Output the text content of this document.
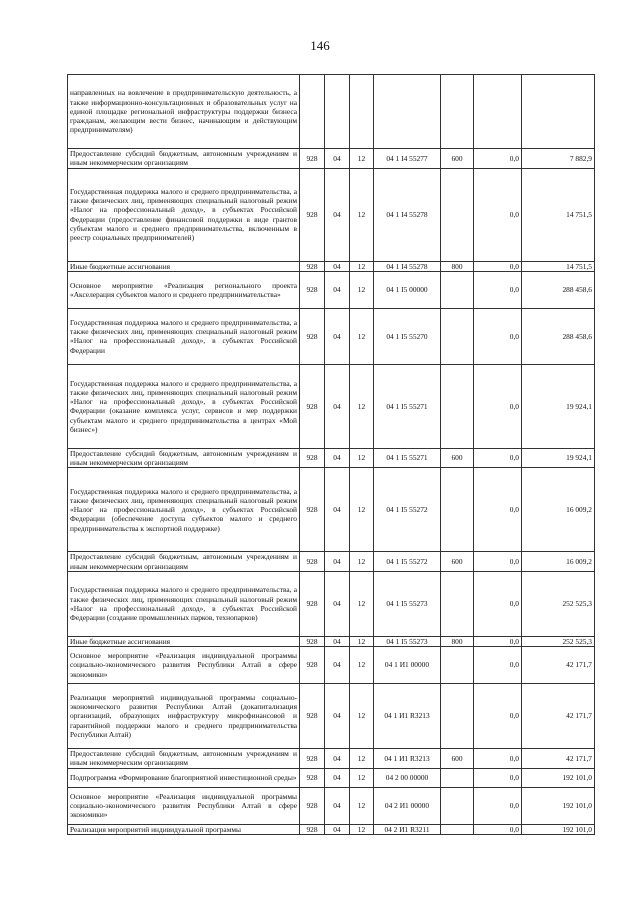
146
направленных на вовлечение в предпринимательскую деятельность, а также информационно-консультационных и образовательных услуг на единой площадке региональной инфраструктуры поддержки бизнеса гражданам, желающим вести бизнес, начинающим и действующим предпринимателям)							
Предоставление субсидий бюджетным, автономным учреждениям и иным некоммерческим организациям	928	04	12	04 1 I4 55277	600	0,0	7 882,9
Государственная поддержка малого и среднего предпринимательства, а также физических лиц, применяющих специальный налоговый режим «Налог на профессиональный доход», в субъектах Российской Федерации (предоставление финансовой поддержки в виде грантов субъектам малого и среднего предпринимательства, включенным в реестр социальных предпринимателей)	928	04	12	04 1 I4 55278		0,0	14 751,5
Иные бюджетные ассигнования	928	04	12	04 1 I4 55278	800	0,0	14 751,5
Основное мероприятие «Реализация регионального проекта «Акселерация субъектов малого и среднего предпринимательства»	928	04	12	04 1 I5 00000		0,0	288 458,6
Государственная поддержка малого и среднего предпринимательства, а также физических лиц, применяющих специальный налоговый режим «Налог на профессиональный доход», в субъектах Российской Федерации	928	04	12	04 1 I5 55270		0,0	288 458,6
Государственная поддержка малого и среднего предпринимательства, а также физических лиц, применяющих специальный налоговый режим «Налог на профессиональный доход», в субъектах Российской Федерации (оказание комплекса услуг, сервисов и мер поддержки субъектам малого и среднего предпринимательства в центрах «Мой бизнес»)	928	04	12	04 1 I5 55271		0,0	19 924,1
Предоставление субсидий бюджетным, автономным учреждениям и иным некоммерческим организациям	928	04	12	04 1 I5 55271	600	0,0	19 924,1
Государственная поддержка малого и среднего предпринимательства, а также физических лиц, применяющих специальный налоговый режим «Налог на профессиональный доход», в субъектах Российской Федерации (обеспечение доступа субъектов малого и среднего предпринимательства к экспортной поддержке)	928	04	12	04 1 I5 55272		0,0	16 009,2
Предоставление субсидий бюджетным, автономным учреждениям и иным некоммерческим организациям	928	04	12	04 1 I5 55272	600	0,0	16 009,2
Государственная поддержка малого и среднего предпринимательства, а также физических лиц, применяющих специальный налоговый режим «Налог на профессиональный доход», в субъектах Российской Федерации (создание промышленных парков, технопарков)	928	04	12	04 1 I5 55273		0,0	252 525,3
Иные бюджетные ассигнования	928	04	12	04 1 I5 55273	800	0,0	252 525,3
Основное мероприятие «Реализация индивидуальной программы социально-экономического развития Республики Алтай в сфере экономики»	928	04	12	04 1 И1 00000		0,0	42 171,7
Реализация мероприятий индивидуальной программы социально-экономического развития Республики Алтай (докапитализация организаций, образующих инфраструктуру микрофинансовой и гарантийной поддержки малого и среднего предпринимательства Республики Алтай)	928	04	12	04 1 И1 R3213		0,0	42 171,7
Предоставление субсидий бюджетным, автономным учреждениям и иным некоммерческим организациям	928	04	12	04 1 И1 R3213	600	0,0	42 171,7
Подпрограмма «Формирование благоприятной инвестиционной среды»	928	04	12	04 2 00 00000		0,0	192 101,0
Основное мероприятие «Реализация индивидуальной программы социально-экономического развития Республики Алтай в сфере экономики»	928	04	12	04 2 И1 00000		0,0	192 101,0
Реализация мероприятий индивидуальной программы	928	04	12	04 2 И1 R3211		0,0	192 101,0
